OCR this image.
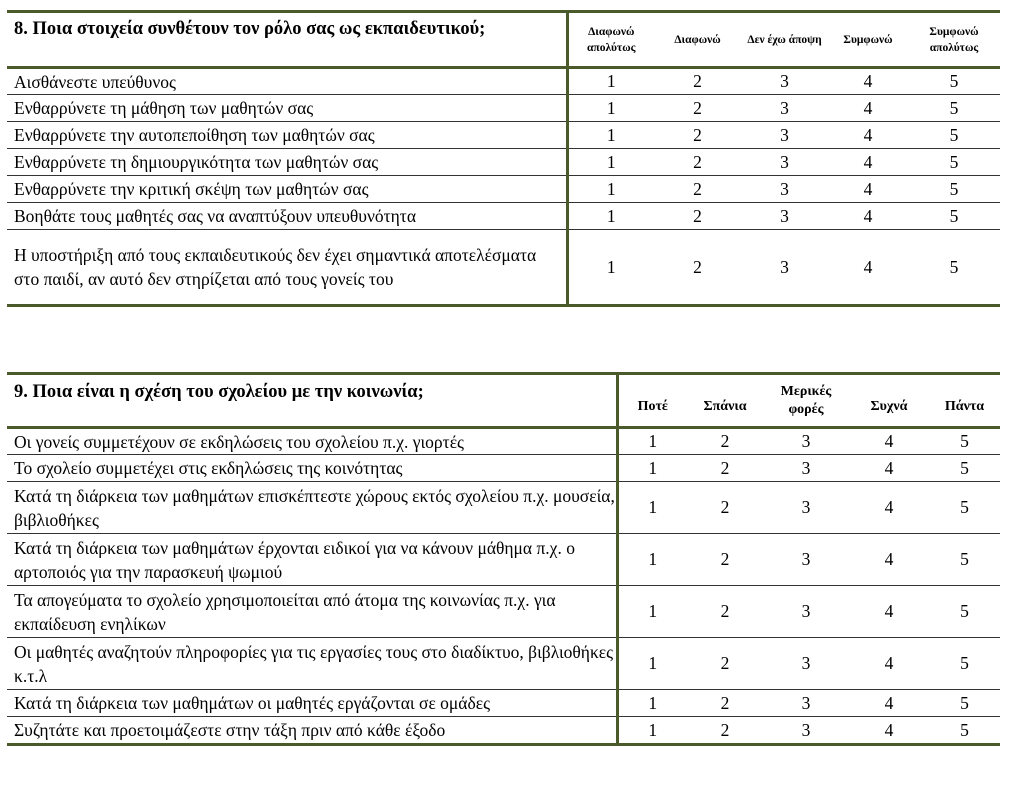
8. Ποια στοιχεία συνθέτουν τον ρόλο σας ως εκπαιδευτικού;	Διαφωνώ απολύτως	Διαφωνώ	Δεν έχω άποψη	Συμφωνώ	Συμφωνώ απολύτως
Αισθάνεστε υπεύθυνος	1	2	3	4	5
Ενθαρρύνετε τη μάθηση των μαθητών σας	1	2	3	4	5
Ενθαρρύνετε την αυτοπεποίθηση των μαθητών σας	1	2	3	4	5
Ενθαρρύνετε τη δημιουργικότητα των μαθητών σας	1	2	3	4	5
Ενθαρρύνετε την κριτική σκέψη των μαθητών σας	1	2	3	4	5
Βοηθάτε τους μαθητές σας να αναπτύξουν υπευθυνότητα	1	2	3	4	5
Η υποστήριξη από τους εκπαιδευτικούς δεν έχει σημαντικά αποτελέσματα στο παιδί, αν αυτό δεν στηρίζεται από τους γονείς του	1	2	3	4	5
9. Ποια είναι η σχέση του σχολείου με την κοινωνία;	Ποτέ	Σπάνια	Μερικές φορές	Συχνά	Πάντα
Οι γονείς συμμετέχουν σε εκδηλώσεις του σχολείου π.χ. γιορτές	1	2	3	4	5
Το σχολείο συμμετέχει στις εκδηλώσεις της κοινότητας	1	2	3	4	5
Κατά τη διάρκεια των μαθημάτων επισκέπτεστε χώρους εκτός σχολείου π.χ. μουσεία, βιβλιοθήκες	1	2	3	4	5
Κατά τη διάρκεια των μαθημάτων έρχονται ειδικοί για να κάνουν μάθημα π.χ. ο αρτοποιός για την παρασκευή ψωμιού	1	2	3	4	5
Τα απογεύματα το σχολείο χρησιμοποιείται από άτομα της κοινωνίας π.χ. για εκπαίδευση ενηλίκων	1	2	3	4	5
Οι μαθητές αναζητούν πληροφορίες για τις εργασίες τους στο διαδίκτυο, βιβλιοθήκες κ.τ.λ	1	2	3	4	5
Κατά τη διάρκεια των μαθημάτων οι μαθητές εργάζονται σε ομάδες	1	2	3	4	5
Συζητάτε και προετοιμάζεστε στην τάξη πριν από κάθε έξοδο	1	2	3	4	5
